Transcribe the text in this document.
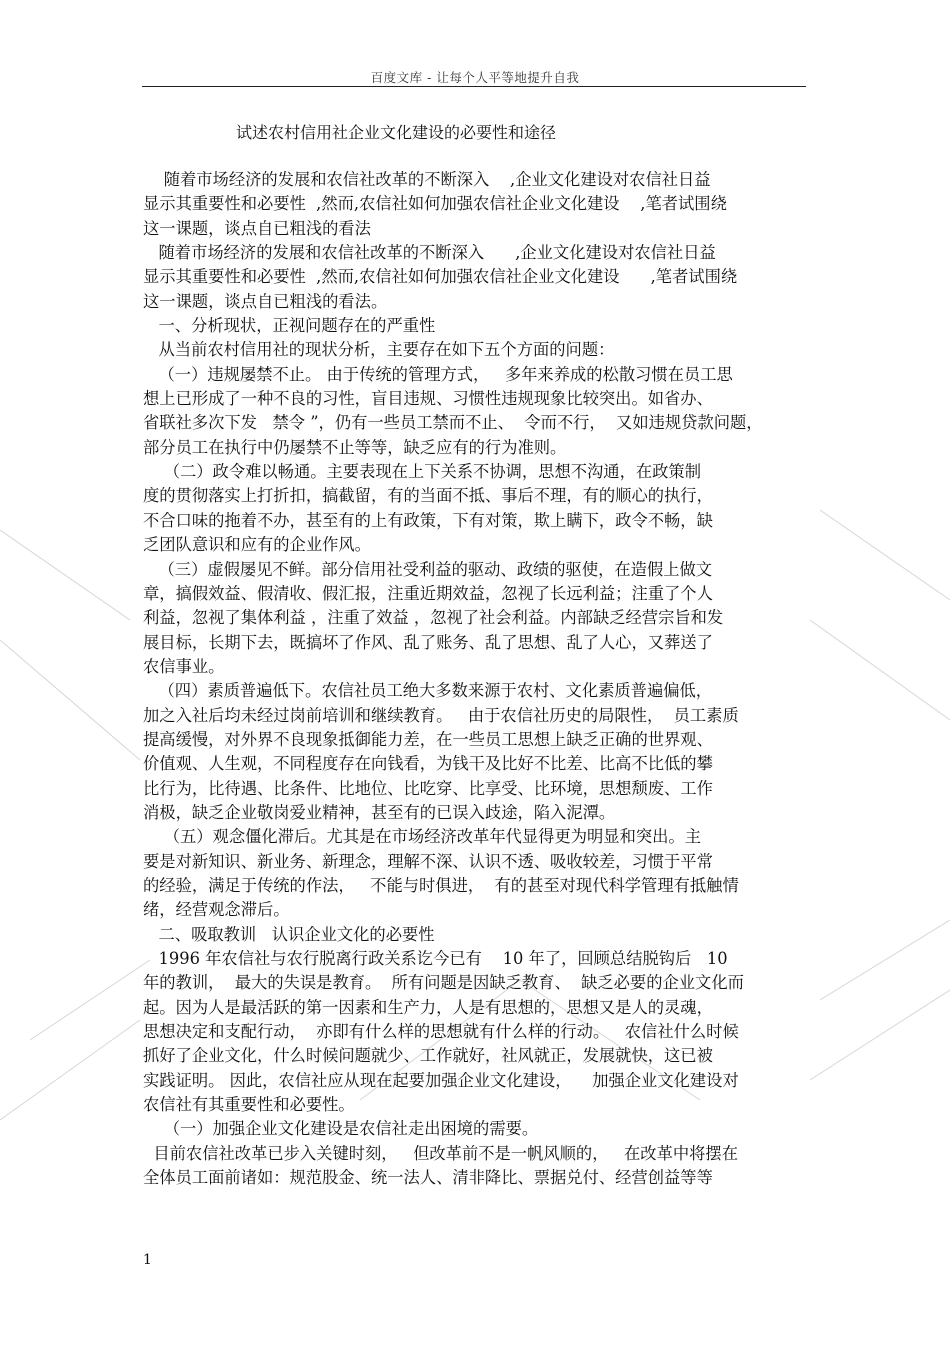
百度文库 - 让每个人平等地提升自我
试述农村信用社企业文化建设的必要性和途径
随着市场经济的发展和农信社改革的不断深入    ,企业文化建设对农信社日益
显示其重要性和必要性  ,然而,农信社如何加强农信社企业文化建设    ,笔者试围绕
这一课题，谈点自已粗浅的看法
随着市场经济的发展和农信社改革的不断深入      ,企业文化建设对农信社日益
显示其重要性和必要性  ,然而,农信社如何加强农信社企业文化建设      ,笔者试围绕
这一课题，谈点自已粗浅的看法。
一、分析现状，正视问题存在的严重性
从当前农村信用社的现状分析，主要存在如下五个方面的问题：
（一）违规屡禁不止。 由于传统的管理方式，   多年来养成的松散习惯在员工思
想上已形成了一种不良的习性，盲目违规、习惯性违规现象比较突出。如省办、
省联社多次下发   禁令 ”，仍有一些员工禁而不止、  令而不行，  又如违规贷款问题，
部分员工在执行中仍屡禁不止等等，缺乏应有的行为准则。
（二）政令难以畅通。主要表现在上下关系不协调，思想不沟通，在政策制
度的贯彻落实上打折扣，搞截留，有的当面不抵、事后不理，有的顺心的执行，
不合口味的拖着不办，甚至有的上有政策，下有对策，欺上瞒下，政令不畅，缺
乏团队意识和应有的企业作风。
（三）虚假屡见不鲜。部分信用社受利益的驱动、政绩的驱使，在造假上做文
章，搞假效益、假清收、假汇报，注重近期效益，忽视了长远利益；注重了个人
利益，忽视了集体利益 ，注重了效益 ，忽视了社会利益。内部缺乏经营宗旨和发
展目标，长期下去，既搞坏了作风、乱了账务、乱了思想、乱了人心，又葬送了
农信事业。
（四）素质普遍低下。农信社员工绝大多数来源于农村、文化素质普遍偏低，
加之入社后均未经过岗前培训和继续教育。   由于农信社历史的局限性，  员工素质
提高缓慢，对外界不良现象抵御能力差，在一些员工思想上缺乏正确的世界观、
价值观、人生观，不同程度存在向钱看，为钱干及比好不比差、比高不比低的攀
比行为，比待遇、比条件、比地位、比吃穿、比享受、比环境，思想颓废、工作
消极，缺乏企业敬岗爱业精神，甚至有的已误入歧途，陷入泥潭。
（五）观念僵化滞后。尤其是在市场经济改革年代显得更为明显和突出。主
要是对新知识、新业务、新理念，理解不深、认识不透、吸收较差，习惯于平常
的经验，满足于传统的作法，   不能与时俱进，  有的甚至对现代科学管理有抵触情
绪，经营观念滞后。
二、吸取教训   认识企业文化的必要性
1996 年农信社与农行脱离行政关系讫今已有    10 年了，回顾总结脱钩后   10
年的教训，  最大的失误是教育。  所有问题是因缺乏教育、  缺乏必要的企业文化而
起。因为人是最活跃的第一因素和生产力，人是有思想的，思想又是人的灵魂，
思想决定和支配行动，  亦即有什么样的思想就有什么样的行动。   农信社什么时候
抓好了企业文化，什么时候问题就少、工作就好，社风就正，发展就快，这已被
实践证明。 因此，农信社应从现在起要加强企业文化建设，    加强企业文化建设对
农信社有其重要性和必要性。
（一）加强企业文化建设是农信社走出困境的需要。
目前农信社改革已步入关键时刻，   但改革前不是一帆风顺的，   在改革中将摆在
全体员工面前诸如：规范股金、统一法人、清非降比、票据兑付、经营创益等等
1
